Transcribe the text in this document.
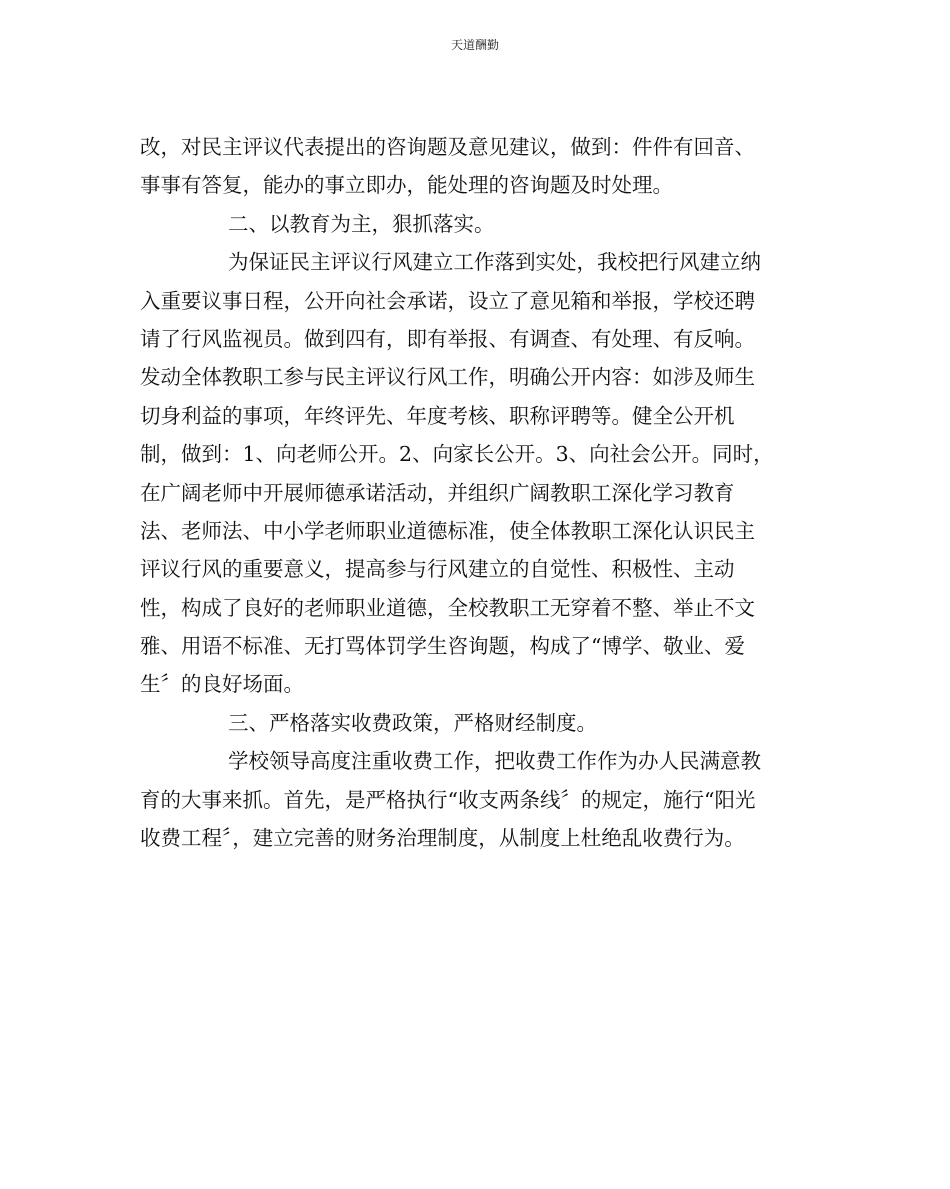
天道酬勤
改，对民主评议代表提出的咨询题及意见建议，做到：件件有回音、
事事有答复，能办的事立即办，能处理的咨询题及时处理。
二、以教育为主，狠抓落实。
为保证民主评议行风建立工作落到实处，我校把行风建立纳
入重要议事日程，公开向社会承诺，设立了意见箱和举报，学校还聘
请了行风监视员。做到四有，即有举报、有调查、有处理、有反响。
发动全体教职工参与民主评议行风工作，明确公开内容：如涉及师生
切身利益的事项，年终评先、年度考核、职称评聘等。健全公开机
制，做到：1、向老师公开。2、向家长公开。3、向社会公开。同时，
在广阔老师中开展师德承诺活动，并组织广阔教职工深化学习教育
法、老师法、中小学老师职业道德标准，使全体教职工深化认识民主
评议行风的重要意义，提高参与行风建立的自觉性、积极性、主动
性，构成了良好的老师职业道德，全校教职工无穿着不整、举止不文
雅、用语不标准、无打骂体罚学生咨询题，构成了“博学、敬业、爱
生〞的良好场面。
三、严格落实收费政策，严格财经制度。
学校领导高度注重收费工作，把收费工作作为办人民满意教
育的大事来抓。首先，是严格执行“收支两条线〞的规定，施行“阳光
收费工程〞，建立完善的财务治理制度，从制度上杜绝乱收费行为。
